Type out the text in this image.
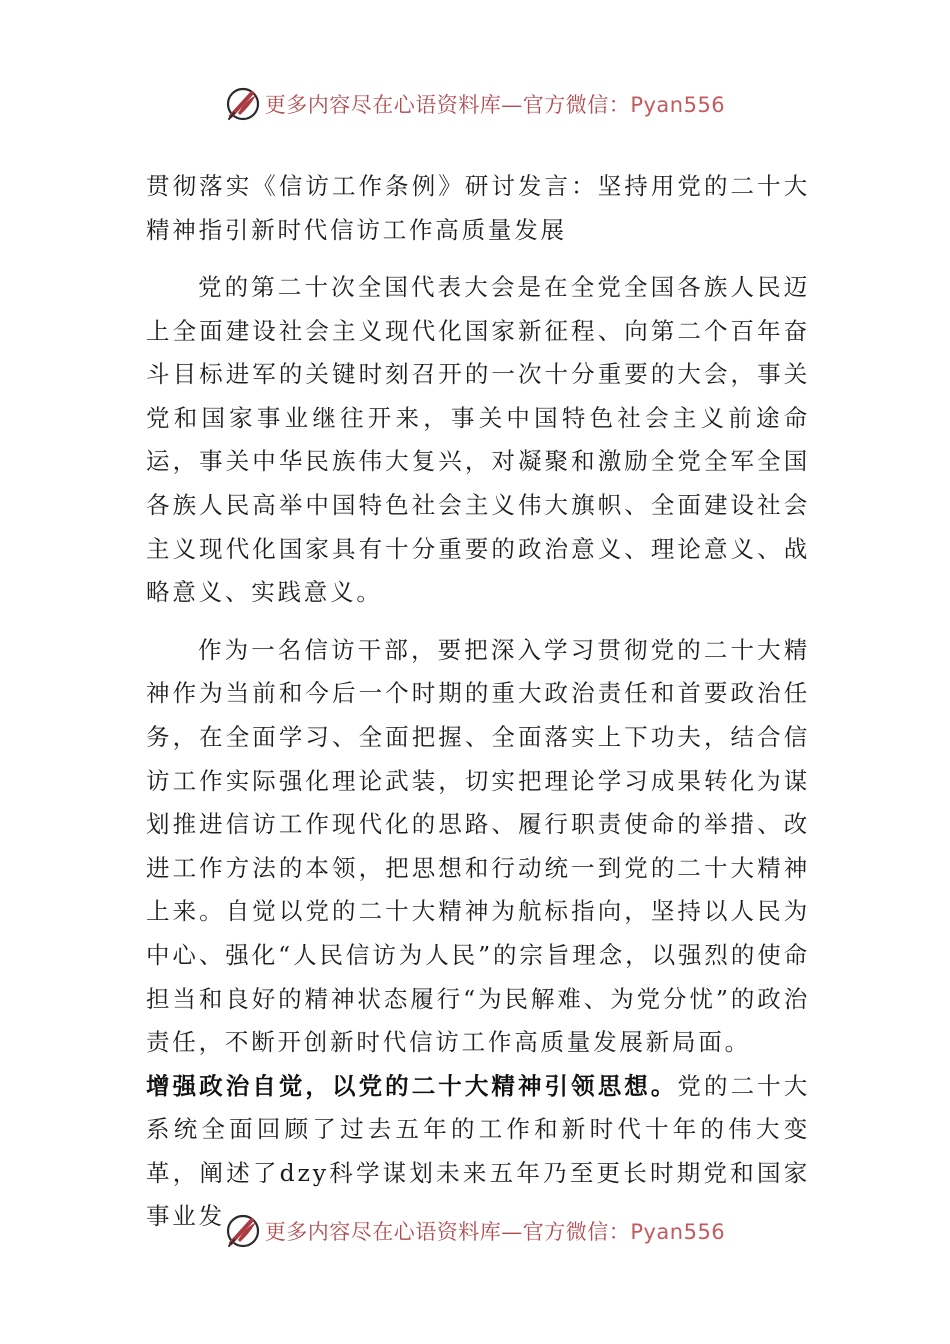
更多内容尽在心语资料库—官方微信：Pyan556
贯彻落实《信访工作条例》研讨发言：坚持用党的二十大精神指引新时代信访工作高质量发展

党的第二十次全国代表大会是在全党全国各族人民迈上全面建设社会主义现代化国家新征程、向第二个百年奋斗目标进军的关键时刻召开的一次十分重要的大会，事关党和国家事业继往开来，事关中国特色社会主义前途命运，事关中华民族伟大复兴，对凝聚和激励全党全军全国各族人民高举中国特色社会主义伟大旗帜、全面建设社会主义现代化国家具有十分重要的政治意义、理论意义、战略意义、实践意义。

作为一名信访干部，要把深入学习贯彻党的二十大精神作为当前和今后一个时期的重大政治责任和首要政治任务，在全面学习、全面把握、全面落实上下功夫，结合信访工作实际强化理论武装，切实把理论学习成果转化为谋划推进信访工作现代化的思路、履行职责使命的举措、改进工作方法的本领，把思想和行动统一到党的二十大精神上来。自觉以党的二十大精神为航标指向，坚持以人民为中心、强化“人民信访为人民”的宗旨理念，以强烈的使命担当和良好的精神状态履行“为民解难、为党分忧”的政治责任，不断开创新时代信访工作高质量发展新局面。

增强政治自觉，以党的二十大精神引领思想。党的二十大系统全面回顾了过去五年的工作和新时代十年的伟大变革，阐述了dzy科学谋划未来五年乃至更长时期党和国家事业发

更多内容尽在心语资料库—官方微信：Pyan556
